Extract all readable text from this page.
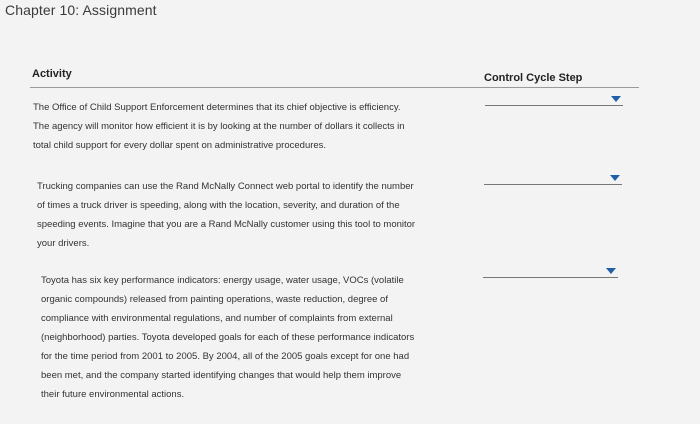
Chapter 10: Assignment
Activity	Control Cycle Step
The Office of Child Support Enforcement determines that its chief objective is efficiency.
The agency will monitor how efficient it is by looking at the number of dollars it collects in
total child support for every dollar spent on administrative procedures.
Trucking companies can use the Rand McNally Connect web portal to identify the number
of times a truck driver is speeding, along with the location, severity, and duration of the
speeding events. Imagine that you are a Rand McNally customer using this tool to monitor
your drivers.
Toyota has six key performance indicators: energy usage, water usage, VOCs (volatile
organic compounds) released from painting operations, waste reduction, degree of
compliance with environmental regulations, and number of complaints from external
(neighborhood) parties. Toyota developed goals for each of these performance indicators
for the time period from 2001 to 2005. By 2004, all of the 2005 goals except for one had
been met, and the company started identifying changes that would help them improve
their future environmental actions.
